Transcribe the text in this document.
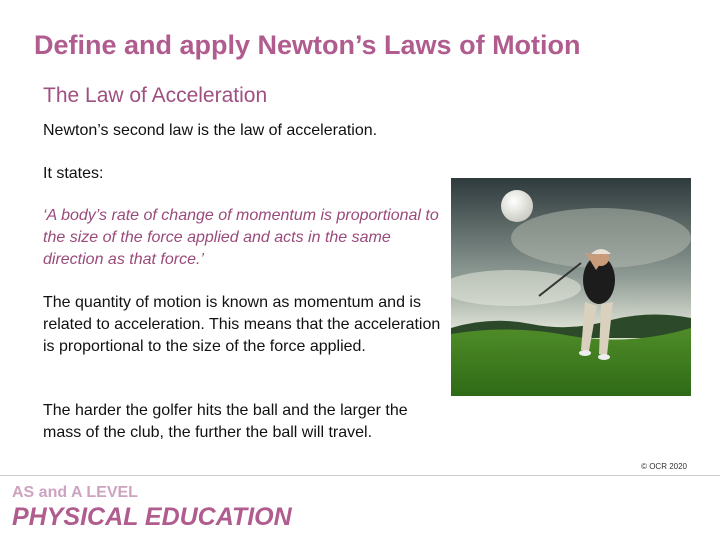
Define and apply Newton’s Laws of Motion
The Law of Acceleration
Newton’s second law is the law of acceleration.
It states:
‘A body’s rate of change of momentum is proportional to the size of the force applied and acts in the same direction as that force.’
The quantity of motion is known as momentum and is related to acceleration. This means that the acceleration is proportional to the size of the force applied.
The harder the golfer hits the ball and the larger the mass of the club, the further the ball will travel.
© OCR 2020
AS and A LEVEL
PHYSICAL EDUCATION
